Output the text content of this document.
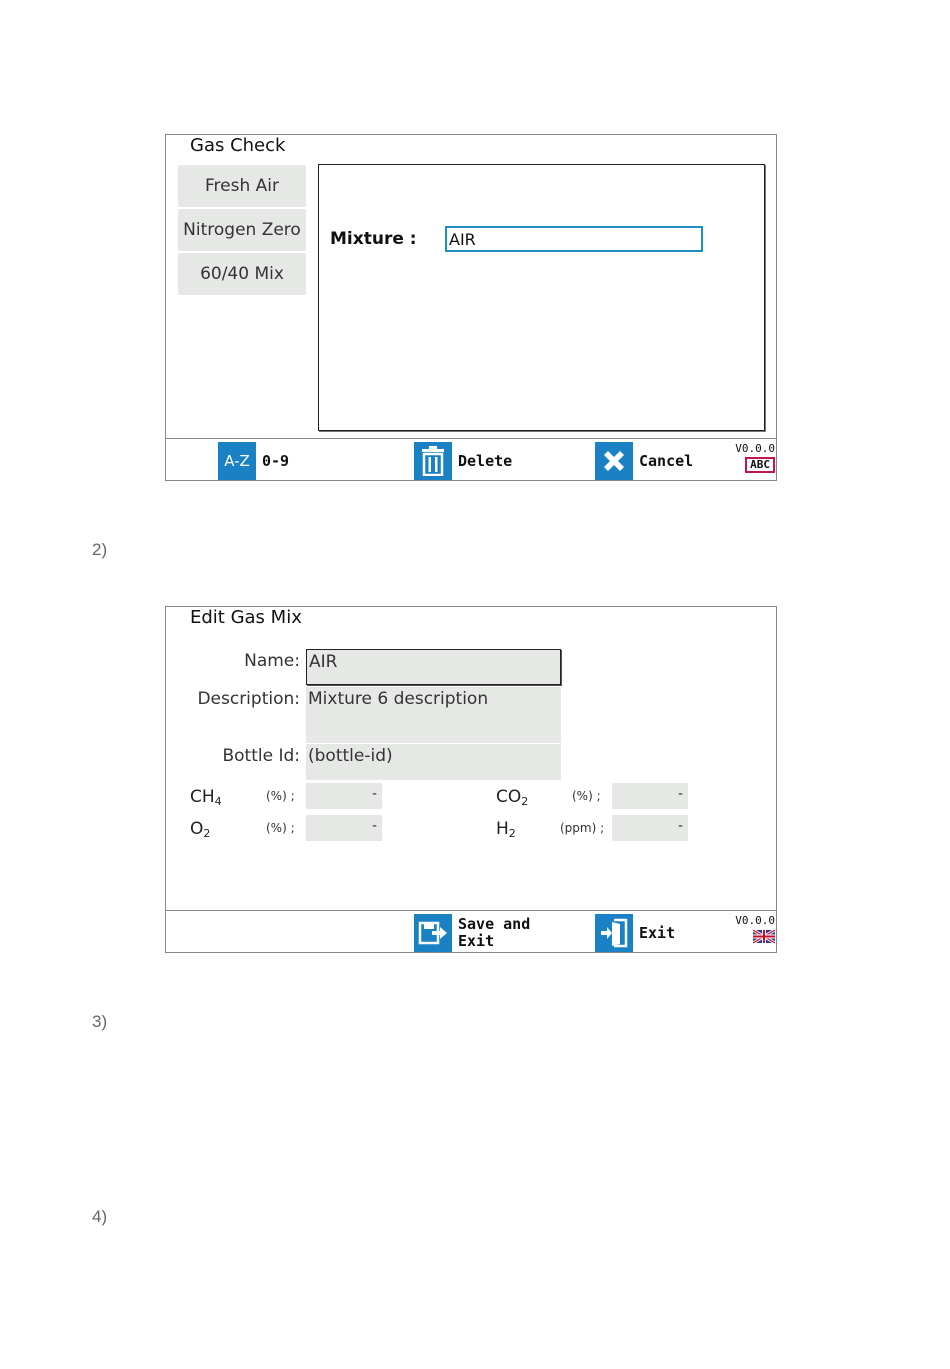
Gas Check
Fresh Air
Nitrogen Zero
60/40 Mix
Mixture :
AIR
A-Z 0-9	Delete	Cancel
V0.0.0
ABC
2)
Edit Gas Mix
Name: AIR
Description: Mixture 6 description
Bottle Id: (bottle-id)
$CH_4$	(%) ;	-	$CO_2$	(%) ;	-
$O_2$	(%) ;	-	$H_2$	(ppm) ;	-
Save and
Exit	Exit
V0.0.0
3)
4)
